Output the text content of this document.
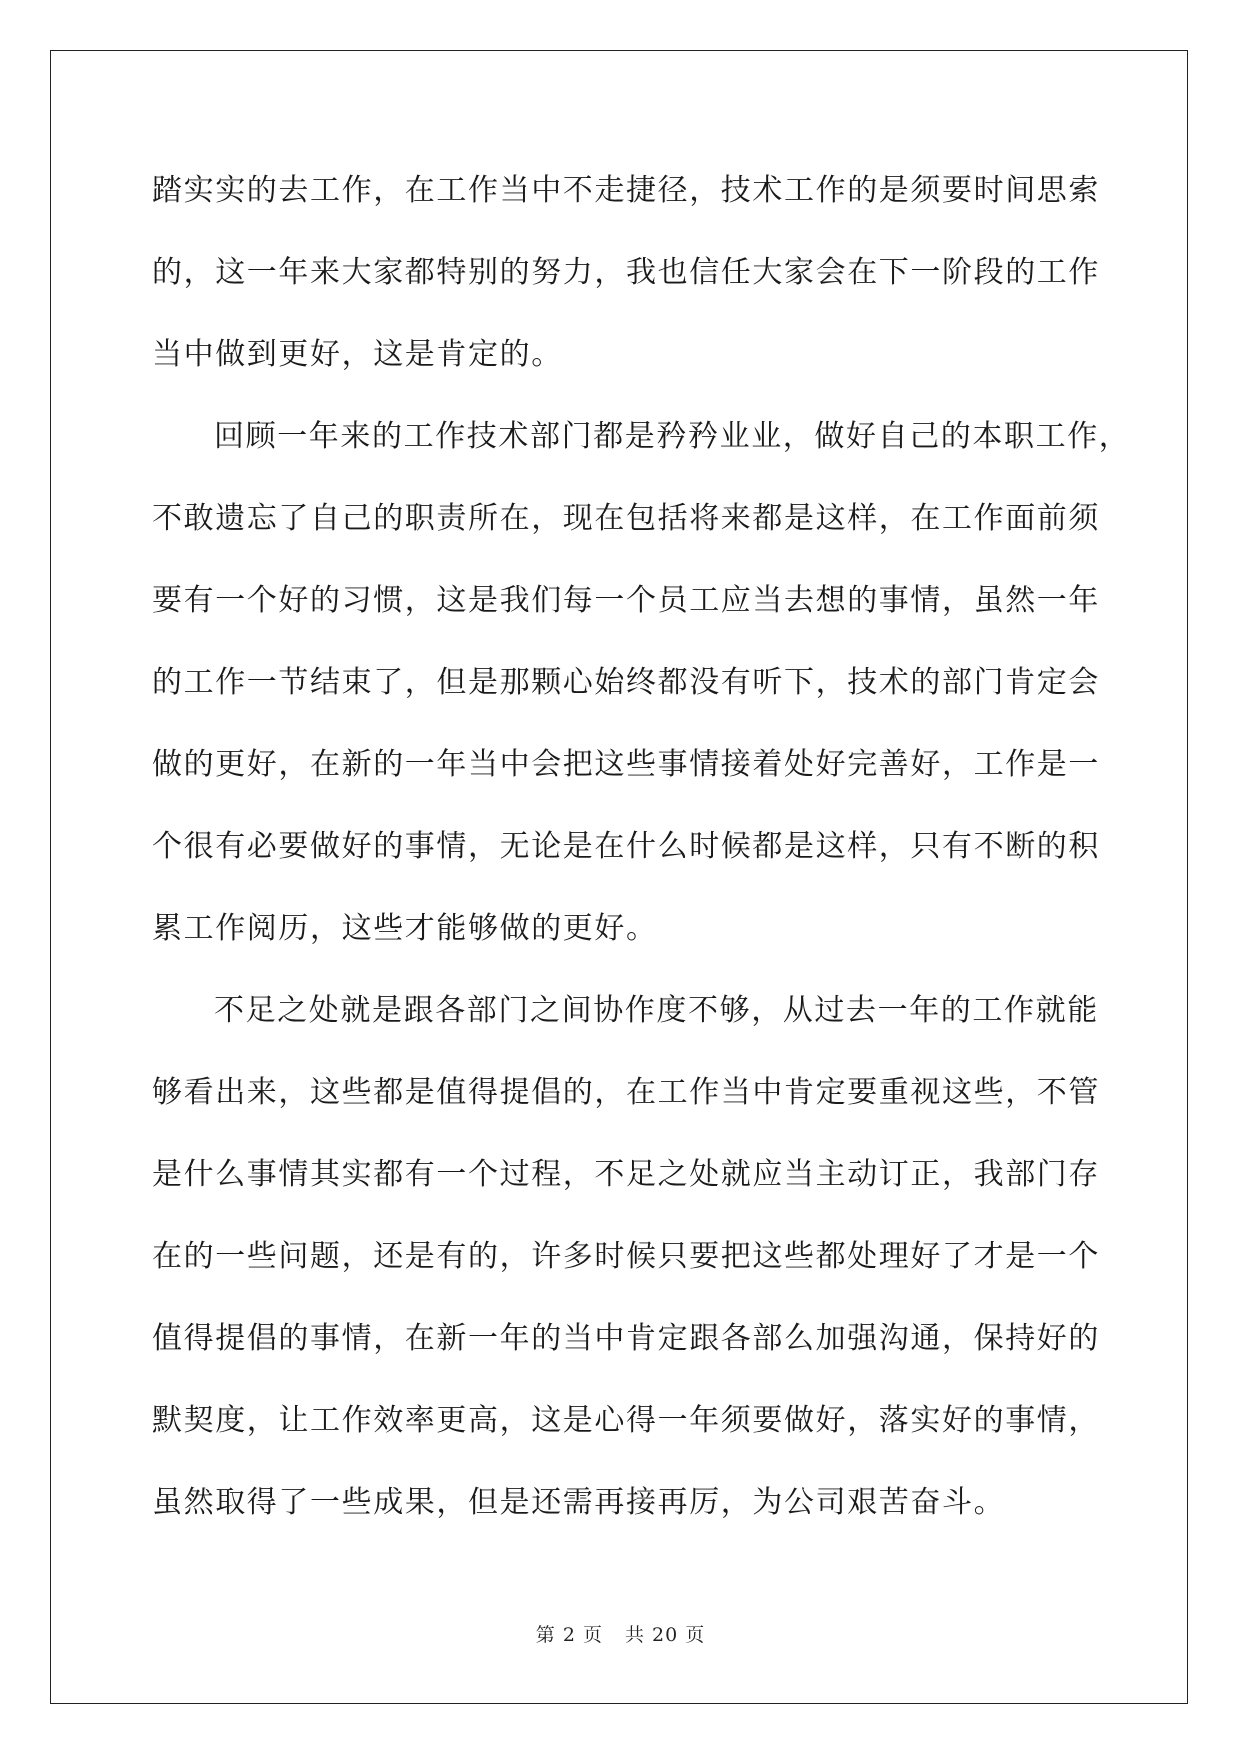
踏实实的去工作，在工作当中不走捷径，技术工作的是须要时间思索
的，这一年来大家都特别的努力，我也信任大家会在下一阶段的工作
当中做到更好，这是肯定的。
回顾一年来的工作技术部门都是矜矜业业，做好自己的本职工作，
不敢遗忘了自己的职责所在，现在包括将来都是这样，在工作面前须
要有一个好的习惯，这是我们每一个员工应当去想的事情，虽然一年
的工作一节结束了，但是那颗心始终都没有听下，技术的部门肯定会
做的更好，在新的一年当中会把这些事情接着处好完善好，工作是一
个很有必要做好的事情，无论是在什么时候都是这样，只有不断的积
累工作阅历，这些才能够做的更好。
不足之处就是跟各部门之间协作度不够，从过去一年的工作就能
够看出来，这些都是值得提倡的，在工作当中肯定要重视这些，不管
是什么事情其实都有一个过程，不足之处就应当主动订正，我部门存
在的一些问题，还是有的，许多时候只要把这些都处理好了才是一个
值得提倡的事情，在新一年的当中肯定跟各部么加强沟通，保持好的
默契度，让工作效率更高，这是心得一年须要做好，落实好的事情，
虽然取得了一些成果，但是还需再接再厉，为公司艰苦奋斗。
第 2 页 共 20 页
